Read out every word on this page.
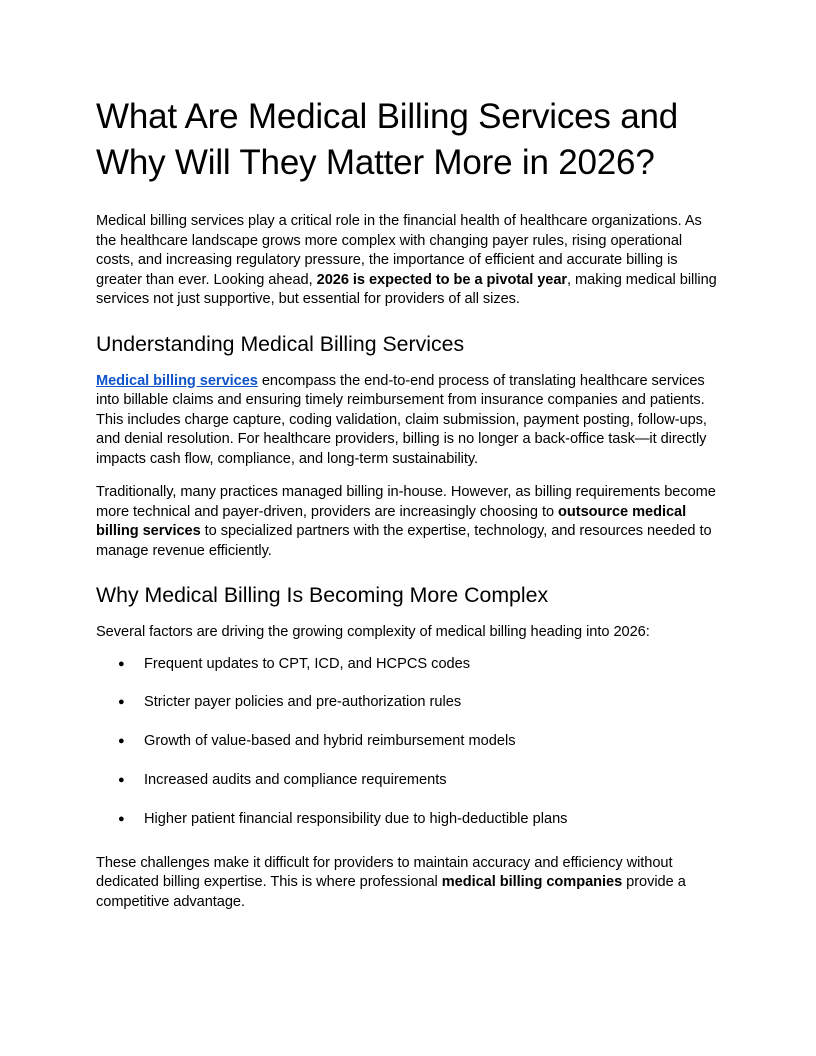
What Are Medical Billing Services and Why Will They Matter More in 2026?

Medical billing services play a critical role in the financial health of healthcare organizations. As the healthcare landscape grows more complex with changing payer rules, rising operational costs, and increasing regulatory pressure, the importance of efficient and accurate billing is greater than ever. Looking ahead, 2026 is expected to be a pivotal year, making medical billing services not just supportive, but essential for providers of all sizes.

Understanding Medical Billing Services

Medical billing services encompass the end-to-end process of translating healthcare services into billable claims and ensuring timely reimbursement from insurance companies and patients. This includes charge capture, coding validation, claim submission, payment posting, follow-ups, and denial resolution. For healthcare providers, billing is no longer a back-office task—it directly impacts cash flow, compliance, and long-term sustainability.

Traditionally, many practices managed billing in-house. However, as billing requirements become more technical and payer-driven, providers are increasingly choosing to outsource medical billing services to specialized partners with the expertise, technology, and resources needed to manage revenue efficiently.

Why Medical Billing Is Becoming More Complex

Several factors are driving the growing complexity of medical billing heading into 2026:

● Frequent updates to CPT, ICD, and HCPCS codes
● Stricter payer policies and pre-authorization rules
● Growth of value-based and hybrid reimbursement models
● Increased audits and compliance requirements
● Higher patient financial responsibility due to high-deductible plans

These challenges make it difficult for providers to maintain accuracy and efficiency without dedicated billing expertise. This is where professional medical billing companies provide a competitive advantage.
